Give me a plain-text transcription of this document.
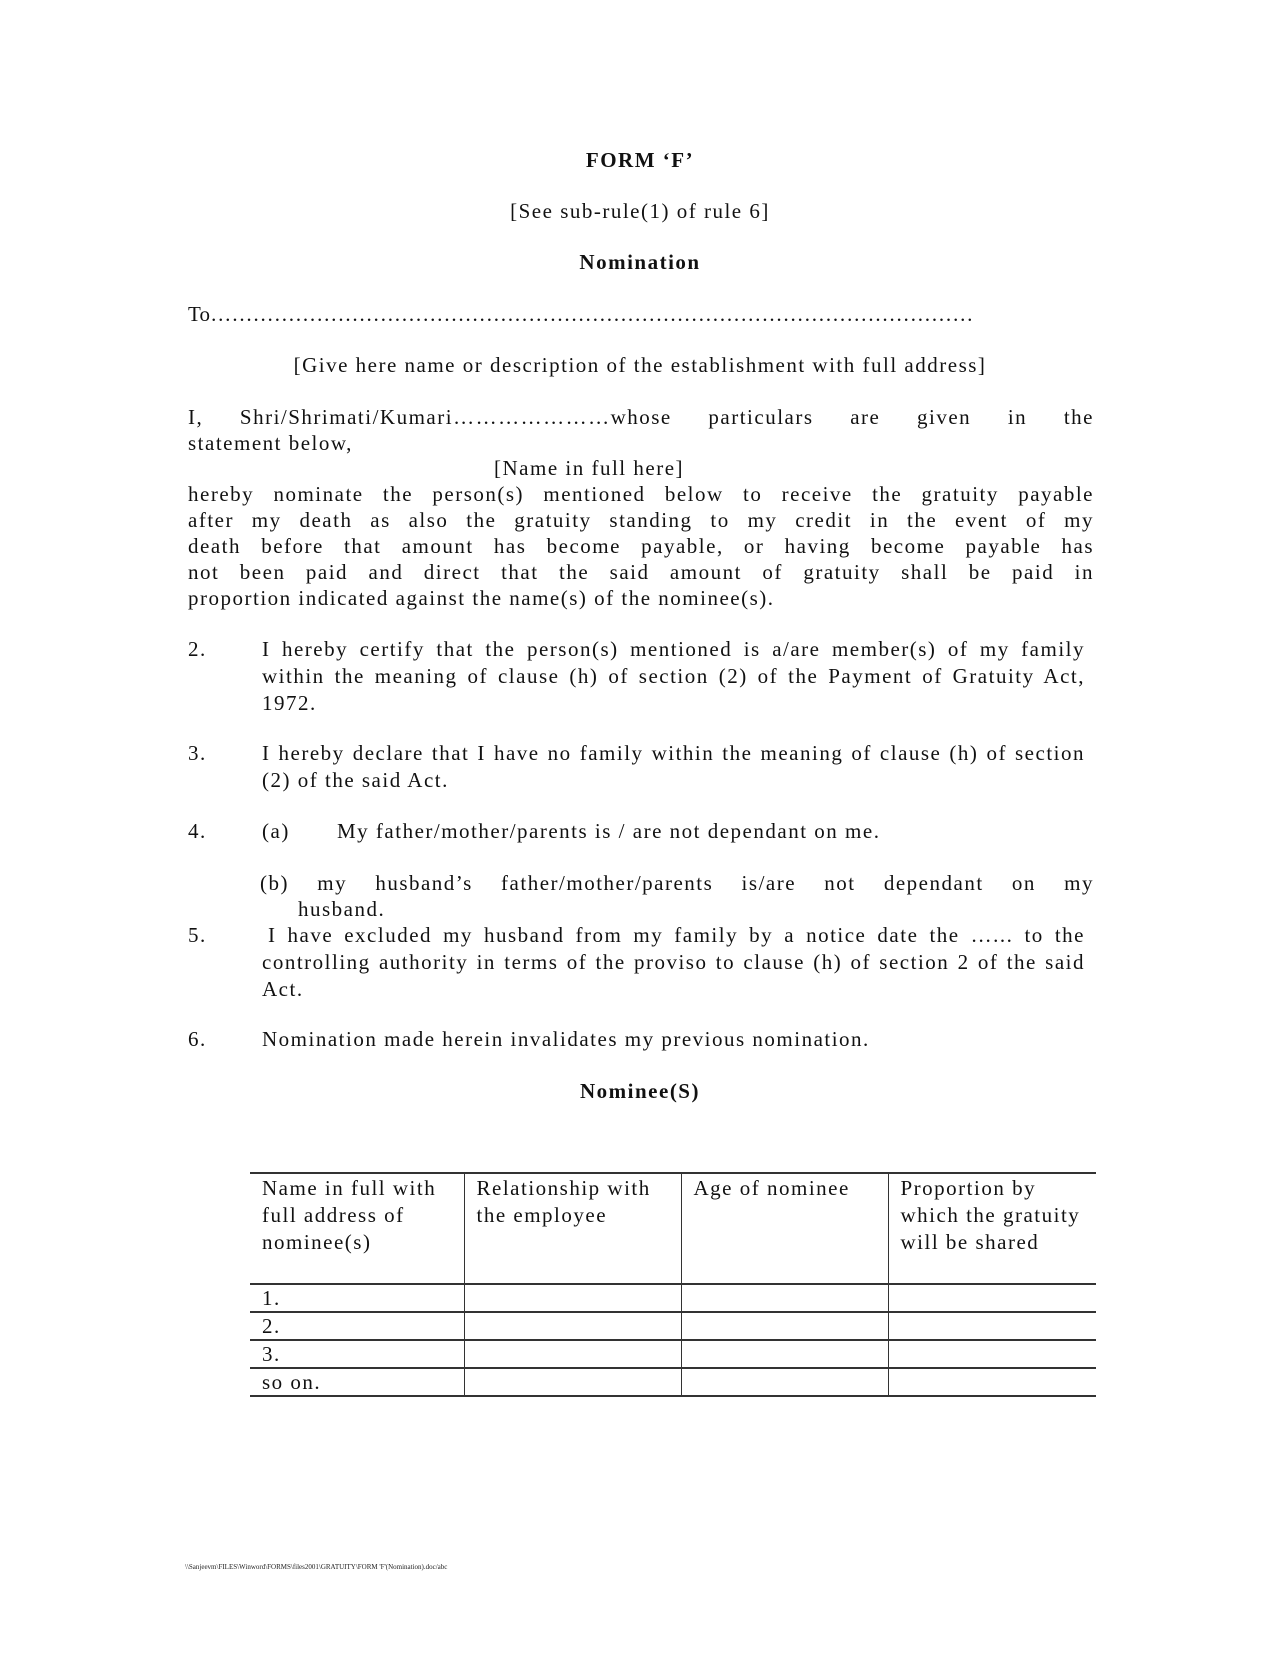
FORM ‘F’
[See sub-rule(1) of rule 6]
Nomination
To………………………………………………………………………………………………
[Give here name or description of the establishment with full address]
I, Shri/Shrimati/Kumari…………………whose particulars are given in the
statement below,
[Name in full here]
hereby nominate the person(s) mentioned below to receive the gratuity payable
after my death as also the gratuity standing to my credit in the event of my
death before that amount has become payable, or having become payable has
not been paid and direct that the said amount of gratuity shall be paid in
proportion indicated against the name(s) of the nominee(s).
2.	I hereby certify that the person(s) mentioned is a/are member(s) of my family within the meaning of clause (h) of section (2) of the Payment of Gratuity Act, 1972.
3.	I hereby declare that I have no family within the meaning of clause (h) of section (2) of the said Act.
4.	(a) My father/mother/parents is / are not dependant on me.
(b) my husband’s father/mother/parents is/are not dependant on my
husband.
5.	I have excluded my husband from my family by a notice date the …... to the controlling authority in terms of the proviso to clause (h) of section 2 of the said Act.
6.	Nomination made herein invalidates my previous nomination.
Nominee(S)
Name in full with full address of nominee(s)	Relationship with the employee	Age of nominee	Proportion by which the gratuity will be shared
1.			
2.			
3.			
so on.			
\\Sanjeevm\FILES\Winword\FORMS\files2001\GRATUITY\FORM 'F'(Nomination).doc/abc
